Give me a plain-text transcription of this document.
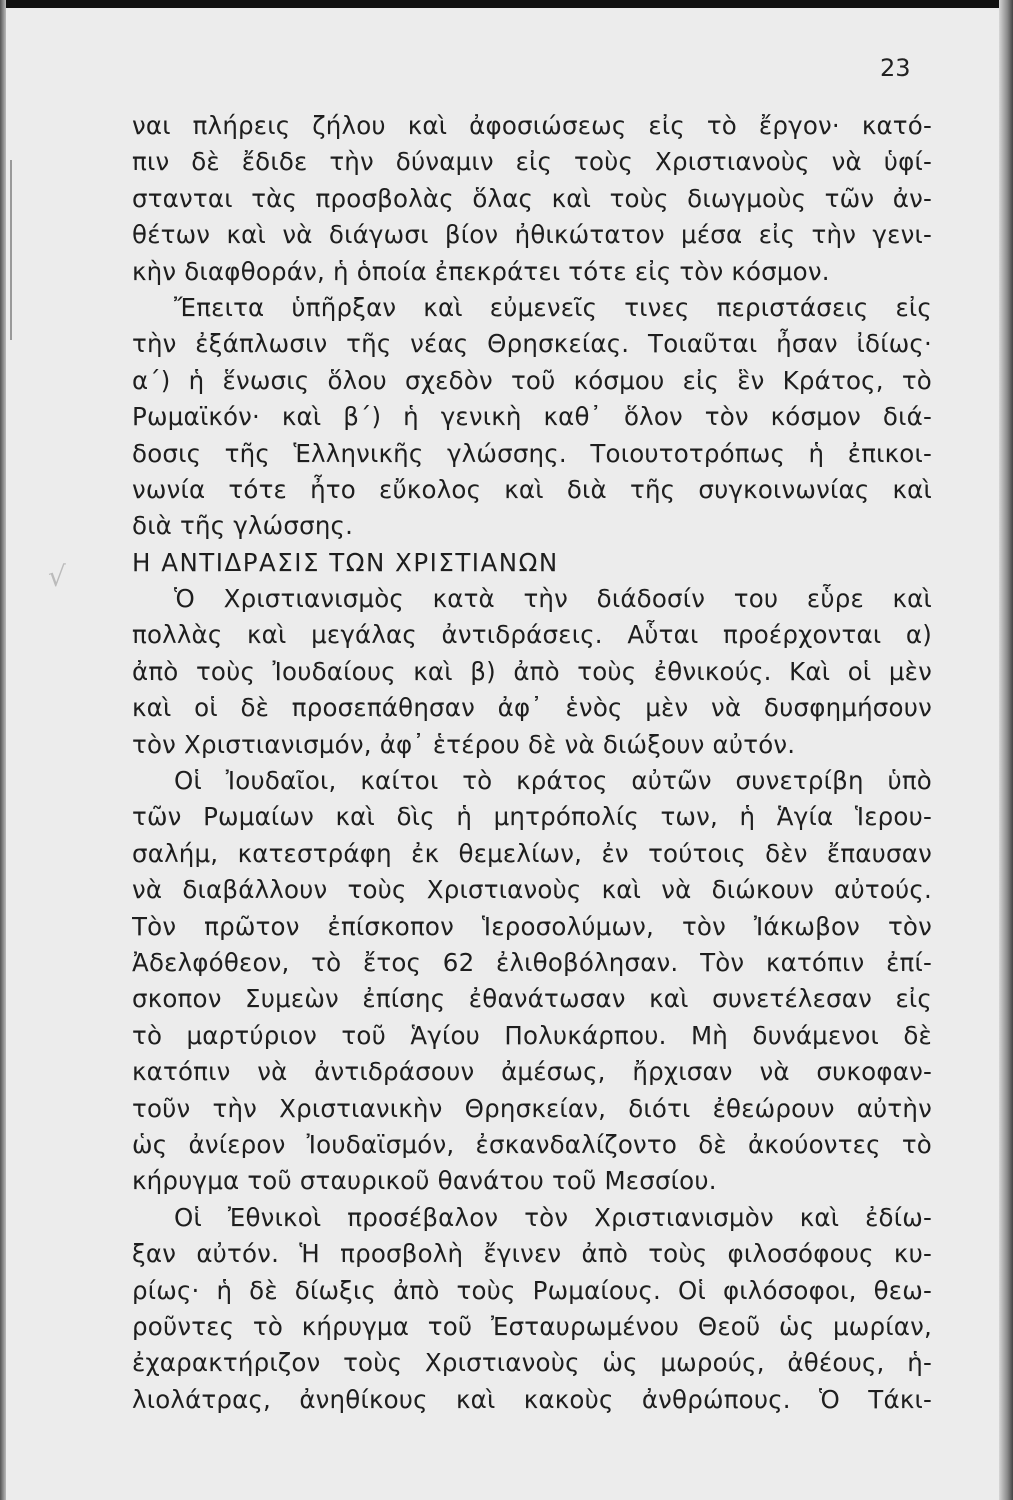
√
23
ναι πλήρεις ζήλου καὶ ἀφοσιώσεως εἰς τὸ ἔργον· κατό-
πιν δὲ ἔδιδε τὴν δύναμιν εἰς τοὺς Χριστιανοὺς νὰ ὑφί-
στανται τὰς προσβολὰς ὅλας καὶ τοὺς διωγμοὺς τῶν ἀν-
θέτων καὶ νὰ διάγωσι βίον ἠθικώτατον μέσα εἰς τὴν γενι-
κὴν διαφθοράν, ἡ ὁποία ἐπεκράτει τότε εἰς τὸν κόσμον.
Ἔπειτα ὑπῆρξαν καὶ εὐμενεῖς τινες περιστάσεις εἰς
τὴν ἐξάπλωσιν τῆς νέας Θρησκείας. Τοιαῦται ἦσαν ἰδίως·
α΄) ἡ ἕνωσις ὅλου σχεδὸν τοῦ κόσμου εἰς ἓν Κράτος, τὸ
Ρωμαϊκόν· καὶ β΄) ἡ γενικὴ καθ᾽ ὅλον τὸν κόσμον διά-
δοσις τῆς Ἑλληνικῆς γλώσσης. Τοιουτοτρόπως ἡ ἐπικοι-
νωνία τότε ἦτο εὔκολος καὶ διὰ τῆς συγκοινωνίας καὶ
διὰ τῆς γλώσσης.
Η ΑΝΤΙΔΡΑΣΙΣ ΤΩΝ ΧΡΙΣΤΙΑΝΩΝ
Ὁ Χριστιανισμὸς κατὰ τὴν διάδοσίν του εὗρε καὶ
πολλὰς καὶ μεγάλας ἀντιδράσεις. Αὗται προέρχονται α)
ἀπὸ τοὺς Ἰουδαίους καὶ β) ἀπὸ τοὺς ἐθνικούς. Καὶ οἱ μὲν
καὶ οἱ δὲ προσεπάθησαν ἀφ᾽ ἑνὸς μὲν νὰ δυσφημήσουν
τὸν Χριστιανισμόν, ἀφ᾽ ἑτέρου δὲ νὰ διώξουν αὐτόν.
Οἱ Ἰουδαῖοι, καίτοι τὸ κράτος αὐτῶν συνετρίβη ὑπὸ
τῶν Ρωμαίων καὶ δὶς ἡ μητρόπολίς των, ἡ Ἁγία Ἱερου-
σαλήμ, κατεστράφη ἐκ θεμελίων, ἐν τούτοις δὲν ἔπαυσαν
νὰ διαβάλλουν τοὺς Χριστιανοὺς καὶ νὰ διώκουν αὐτούς.
Τὸν πρῶτον ἐπίσκοπον Ἱεροσολύμων, τὸν Ἰάκωβον τὸν
Ἀδελφόθεον, τὸ ἔτος 62 ἐλιθοβόλησαν. Τὸν κατόπιν ἐπί-
σκοπον Συμεὼν ἐπίσης ἐθανάτωσαν καὶ συνετέλεσαν εἰς
τὸ μαρτύριον τοῦ Ἁγίου Πολυκάρπου. Μὴ δυνάμενοι δὲ
κατόπιν νὰ ἀντιδράσουν ἀμέσως, ἤρχισαν νὰ συκοφαν-
τοῦν τὴν Χριστιανικὴν Θρησκείαν, διότι ἐθεώρουν αὐτὴν
ὡς ἀνίερον Ἰουδαϊσμόν, ἐσκανδαλίζοντο δὲ ἀκούοντες τὸ
κήρυγμα τοῦ σταυρικοῦ θανάτου τοῦ Μεσσίου.
Οἱ Ἐθνικοὶ προσέβαλον τὸν Χριστιανισμὸν καὶ ἐδίω-
ξαν αὐτόν. Ἡ προσβολὴ ἔγινεν ἀπὸ τοὺς φιλοσόφους κυ-
ρίως· ἡ δὲ δίωξις ἀπὸ τοὺς Ρωμαίους. Οἱ φιλόσοφοι, θεω-
ροῦντες τὸ κήρυγμα τοῦ Ἐσταυρωμένου Θεοῦ ὡς μωρίαν,
ἐχαρακτήριζον τοὺς Χριστιανοὺς ὡς μωρούς, ἀθέους, ἡ-
λιολάτρας, ἀνηθίκους καὶ κακοὺς ἀνθρώπους. Ὁ Τάκι-
